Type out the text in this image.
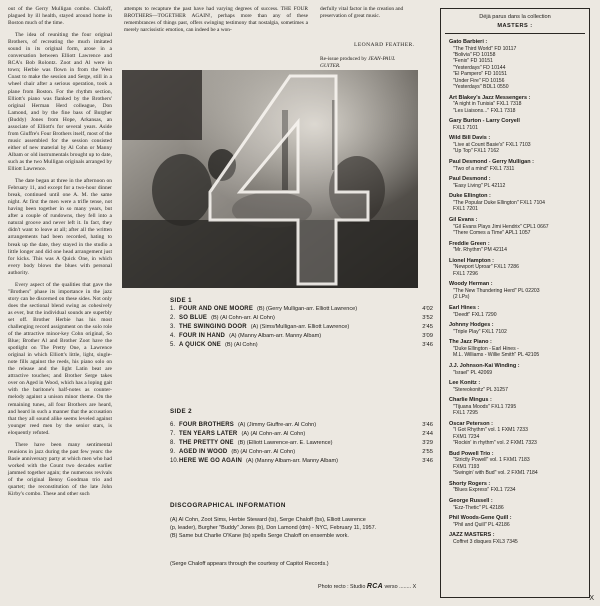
out of the Gerry Mulligan combo. Chaloff, plagued by ill health, stayed around home in Boston much of the time.

The idea of reuniting the four original Brothers, of recreating the much imitated sound in its original form, arose in a conversation between Elliott Lawrence and RCA's Bob Rolontz. Zoot and Al were in town; Herbie was flown in from the West Coast to make the session and Serge, still in a wheel chair after a serious operation, took a plane from Boston. For the rhythm section, Elliott's piano was flanked by the Brothers' original Herman Herd colleague, Don Lamond, and by the fine bass of Burgher (Buddy) Jones from Hope, Arkansas, an associate of Elliott's for several years. Aside from Giuffre's Four Brothers itself, most of the music assembled for the session consisted either of new material by Al Cohn or Manny Albam or old instrumentals brought up to date, such as the two Mulligan originals arranged by Elliott Lawrence.

The date began at three in the afternoon on February 11, and except for a two-hour dinner break, continued until one A. M. the same night. At first the men were a trifle tense, not having been together in so many years, but after a couple of rundowns, they fell into a natural groove and never left it. In fact, they didn't want to leave at all; after all the written arrangements had been recorded, hating to break up the date, they stayed in the studio a little longer and did one head arrangement just for kicks. This was A Quick One, in which every body blows the blues with personal authority.

Every aspect of the qualities that gave the "Brothers" phase its importance in the jazz story can be discerned on these sides. Not only does the sectional blend swing as cohesively as ever, but the individual sounds are superbly set off. Brother Herbie has his most challenging record assignment on the solo role of the attractive minor-key Cohn original, So Blue; Brother Al and Brother Zoot have the spotlight on The Pretty One, a Lawrence original in which Elliott's little, light, single-note fills against the reeds, his piano solo on the release and the light Latin beat are attractive touches; and Brother Serge takes over on Aged in Wood, which has a loping gait with the baritone's half-notes as counter-melody against a unison minor theme. On the remaining tunes, all four Brothers are heard, and heard in such a manner that the accusation that they all sound alike seems leveled against younger reed men by the senior stars, is eloquently refuted.

There have been many sentimental reunions in jazz during the past few years: the Basie anniversary party at which men who had worked with the Count two decades earlier jammed together again; the numerous revivals of the original Benny Goodman trio and quartet; the reconstitution of the late John Kirby's combo. These and other such

attempts to recapture the past have had varying degrees of success. THE FOUR BROTHERS—TOGETHER AGAIN!, perhaps more than any of these remembrances of things past, offers swinging testimony that nostalgia, sometimes a merely narcissistic emotion, can indeed be a won-

derfully vital factor in the creation and preservation of great music.

LEONARD FEATHER.
Re-issue produced by JEAN-PAUL GUITER.
SIDE 1
1. FOUR AND ONE MOORE (B) (Gerry Mulligan-arr. Elliott Lawrence)	4'02
2. SO BLUE (B) (Al Cohn-arr. Al Cohn)	3'52
3. THE SWINGING DOOR (A) (Sims/Mulligan-arr. Elliott Lawrence)	2'45
4. FOUR IN HAND (A) (Manny Albam-arr. Manny Albam)	3'09
5. A QUICK ONE (B) (Al Cohn)	3'46
SIDE 2
6. FOUR BROTHERS (A) (Jimmy Giuffre-arr. Al Cohn)	3'46
7. TEN YEARS LATER (A) (Al Cohn-arr. Al Cohn)	2'44
8. THE PRETTY ONE (B) (Elliott Lawrence-arr. E. Lawrence)	3'29
9. AGED IN WOOD (B) (Al Cohn-arr. Al Cohn)	2'55
10. HERE WE GO AGAIN (A) (Manny Albam-arr. Manny Albam)	3'46
DISCOGRAPHICAL INFORMATION

(A) Al Cohn, Zoot Sims, Herbie Steward (ts), Serge Chaloff (bs), Elliott Lawrence

(p, leader), Burgher "Buddy" Jones (b), Don Lamond (dm) - NYC, February 11, 1957.

(B) Same but Charlie O'Kane (ts) spells Serge Chaloff on ensemble work.

(Serge Chaloff appears through the courtesy of Capitol Records.)
Photo recto : Studio RCA verso ........ X
Déjà parus dans la collection
MASTERS :
Gato Barbieri :
"The Third World" FD 10117
"Bolivia" FD 10158
"Fenix" FD 10151
"Yesterdays" FD 10144
"El Pampero" FD 10151
"Under Fire" FD 10156
"Yesterdays" BDL1 0550
Art Blakey's Jazz Messengers :
"A night in Tunisia" FXL1 7318
"Les Liaisons..." FXL1 7318
Gary Burton - Larry Coryell
FXL1 7101
Wild Bill Davis :
"Live at Count Basie's" FXL1 7103
"Up Top" FXL1 7162
Paul Desmond - Gerry Mulligan :
"Two of a mind" FXL1 7311
Paul Desmond :
"Easy Living" PL 42112
Duke Ellington :
"The Popular Duke Ellington" FXL1 7104
FXL1 7201
Gil Evans :
"Gil Evans Plays Jimi Hendrix" CPL1 0667
"There Comes a Time" APL1 1057
Freddie Green :
"Mr. Rhythm" PM 42114
Lionel Hampton :
"Newport Uproar" FXL1 7286
FXL1 7296
Woody Herman :
"The New Thundering Herd" PL 02203
(2 LPs)
Earl Hines :
"Deedt" FXL1 7290
Johnny Hodges :
"Triple Play" FXL1 7102
The Jazz Piano :
"Duke Ellington - Earl Hines -
M.L. Williams - Willie Smith" PL 42105
J.J. Johnson-Kai Winding :
"Israel" PL 42069
Lee Konitz :
"Stereokonitz" PL 31257
Charlie Mingus :
"Tijuana Moods" FXL1 7295
FXL1 7295
Oscar Peterson :
"I Got Rhythm" vol. 1 FXM1 7233
FXM1 7234
"Rockin' in rhythm" vol. 2 FXM1 7323
Bud Powell Trio :
"Strictly Powell" vol. 1 FXM1 7183
FXM1 7193
"Swingin' with Bud" vol. 2 FXM1 7184
Shorty Rogers :
"Blues Express" FXL1 7234
George Russell :
"Ezz-Thetic" PL 42186
Phil Woods-Gene Quill :
"Phil and Quill" PL 42186
JAZZ MASTERS :
Coffret 3 disques FXL3 7345
X
